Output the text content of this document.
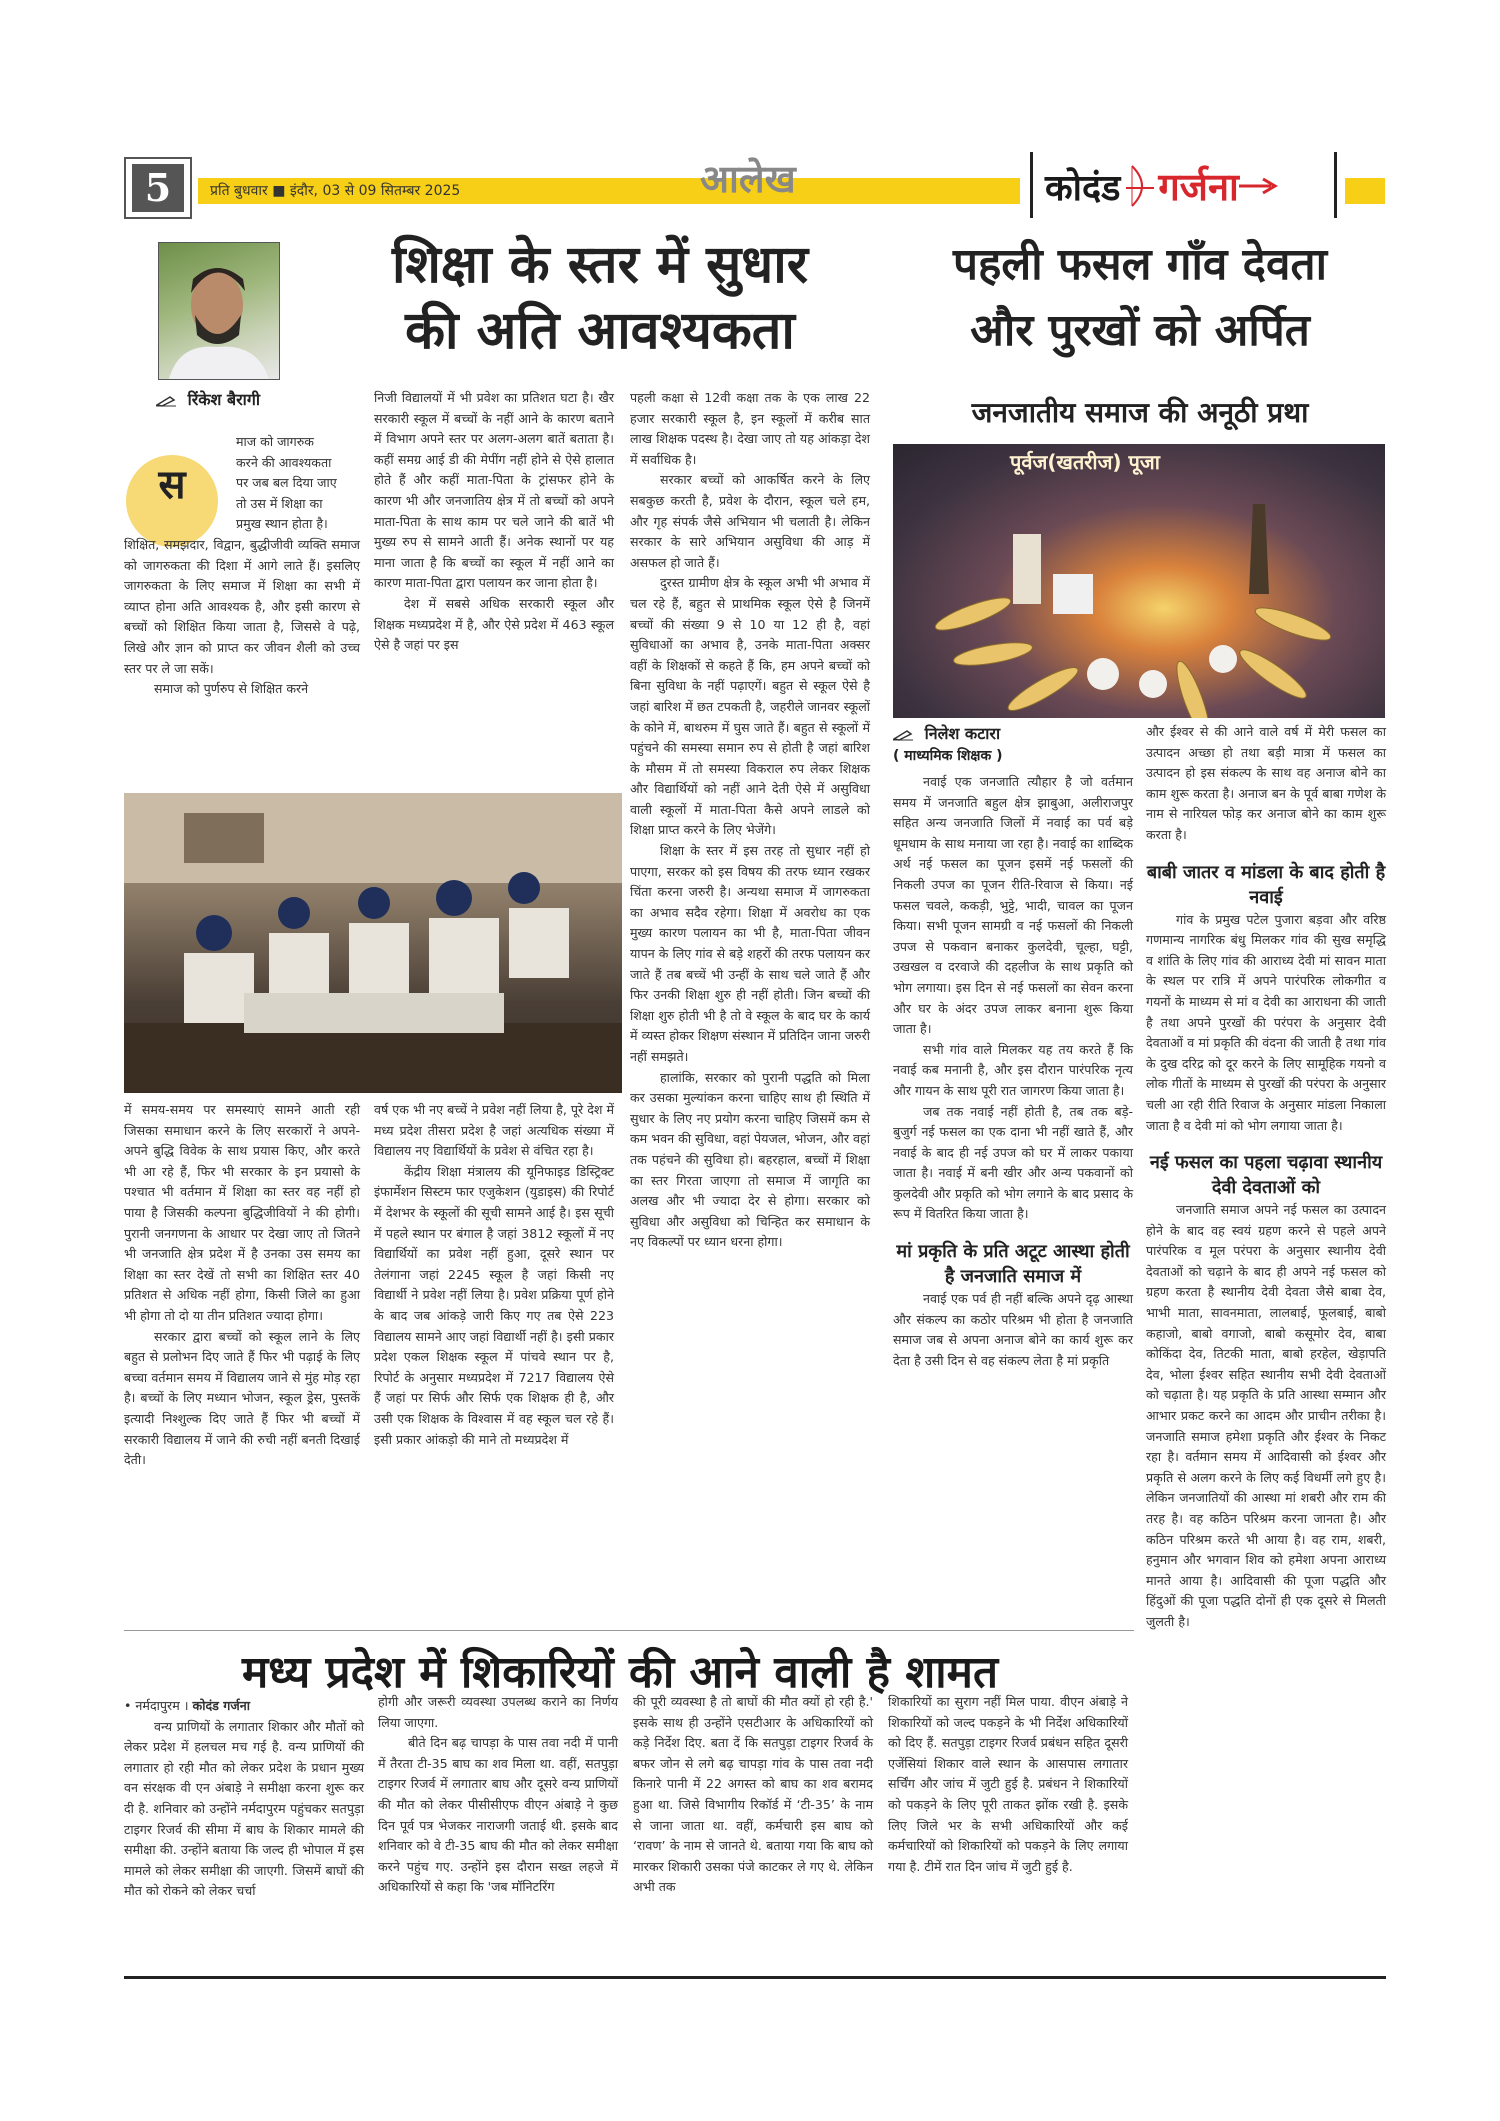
5	प्रति बुधवार ■ इंदौर, 03 से 09 सितम्बर 2025	आलेख	कोदंड गर्जना
शिक्षा के स्तर में सुधार
की अति आवश्यकता
रिंकेश बैरागी
स
माज को जागरुक
करने की आवश्यकता
पर जब बल दिया जाए
तो उस में शिक्षा का
प्रमुख स्थान होता है।

शिक्षित, समझदार, विद्वान, बुद्धीजीवी व्यक्ति समाज को जागरुकता की दिशा में आगे लाते हैं। इसलिए जागरुकता के लिए समाज में शिक्षा का सभी में व्याप्त होना अति आवश्यक है, और इसी कारण से बच्चों को शिक्षित किया जाता है, जिससे वे पढ़े, लिखे और ज्ञान को प्राप्त कर जीवन शैली को उच्च स्तर पर ले जा सकें।

समाज को पुर्णरुप से शिक्षित करने

निजी विद्यालयों में भी प्रवेश का प्रतिशत घटा है। खैर सरकारी स्कूल में बच्चों के नहीं आने के कारण बताने में विभाग अपने स्तर पर अलग-अलग बातें बताता है। कहीं समग्र आई डी की मेपींग नहीं होने से ऐसे हालात होते हैं और कहीं माता-पिता के ट्रांसफर होने के कारण भी और जनजातिय क्षेत्र में तो बच्चों को अपने माता-पिता के साथ काम पर चले जाने की बातें भी मुख्य रुप से सामने आती हैं। अनेक स्थानों पर यह माना जाता है कि बच्चों का स्कूल में नहीं आने का कारण माता-पिता द्वारा पलायन कर जाना होता है।

देश में सबसे अधिक सरकारी स्कूल और शिक्षक मध्यप्रदेश में है, और ऐसे प्रदेश में 463 स्कूल ऐसे है जहां पर इस

में समय-समय पर समस्याएं सामने आती रही जिसका समाधान करने के लिए सरकारों ने अपने-अपने बुद्धि विवेक के साथ प्रयास किए, और करते भी आ रहे हैं, फिर भी सरकार के इन प्रयासो के पश्चात भी वर्तमान में शिक्षा का स्तर वह नहीं हो पाया है जिसकी कल्पना बुद्धिजीवियों ने की होगी। पुरानी जनगणना के आधार पर देखा जाए तो जितने भी जनजाति क्षेत्र प्रदेश में है उनका उस समय का शिक्षा का स्तर देखें तो सभी का शिक्षित स्तर 40 प्रतिशत से अधिक नहीं होगा, किसी जिले का हुआ भी होगा तो दो या तीन प्रतिशत ज्यादा होगा।

सरकार द्वारा बच्चों को स्कूल लाने के लिए बहुत से प्रलोभन दिए जाते हैं फिर भी पढ़ाई के लिए बच्चा वर्तमान समय में विद्यालय जाने से मुंह मोड़ रहा है। बच्चों के लिए मध्यान भोजन, स्कूल ड्रेस, पुस्तकें इत्यादी निश्शुल्क दिए जाते हैं फिर भी बच्चों में सरकारी विद्यालय में जाने की रुची नहीं बनती दिखाई देती।

वर्ष एक भी नए बच्चें ने प्रवेश नहीं लिया है, पूरे देश में मध्य प्रदेश तीसरा प्रदेश है जहां अत्यधिक संख्या में विद्यालय नए विद्यार्थियों के प्रवेश से वंचित रहा है।

केंद्रीय शिक्षा मंत्रालय की यूनिफाइड डिस्ट्रिक्ट इंफार्मेशन सिस्टम फार एजुकेशन (युडाइस) की रिपोर्ट में देशभर के स्कूलों की सूची सामने आई है। इस सूची में पहले स्थान पर बंगाल है जहां 3812 स्कूलों में नए विद्यार्थियों का प्रवेश नहीं हुआ, दूसरे स्थान पर तेलंगाना जहां 2245 स्कूल है जहां किसी नए विद्यार्थी ने प्रवेश नहीं लिया है। प्रवेश प्रक्रिया पूर्ण होने के बाद जब आंकड़े जारी किए गए तब ऐसे 223 विद्यालय सामने आए जहां विद्यार्थी नहीं है। इसी प्रकार प्रदेश एकल शिक्षक स्कूल में पांचवे स्थान पर है, रिपोर्ट के अनुसार मध्यप्रदेश में 7217 विद्यालय ऐसे हैं जहां पर सिर्फ और सिर्फ एक शिक्षक ही है, और उसी एक शिक्षक के विश्वास में वह स्कूल चल रहे हैं। इसी प्रकार आंकड़ो की माने तो मध्यप्रदेश में

पहली कक्षा से 12वी कक्षा तक के एक लाख 22 हजार सरकारी स्कूल है, इन स्कूलों में करीब सात लाख शिक्षक पदस्थ है। देखा जाए तो यह आंकड़ा देश में सर्वाधिक है।

सरकार बच्चों को आकर्षित करने के लिए सबकुछ करती है, प्रवेश के दौरान, स्कूल चले हम, और गृह संपर्क जैसे अभियान भी चलाती है। लेकिन सरकार के सारे अभियान असुविधा की आड़ में असफल हो जाते हैं।

दुरस्त ग्रामीण क्षेत्र के स्कूल अभी भी अभाव में चल रहे हैं, बहुत से प्राथमिक स्कूल ऐसे है जिनमें बच्चों की संख्या 9 से 10 या 12 ही है, वहां सुविधाओं का अभाव है, उनके माता-पिता अक्सर वहीं के शिक्षकों से कहते हैं कि, हम अपने बच्चों को बिना सुविधा के नहीं पढ़ाएगें। बहुत से स्कूल ऐसे है जहां बारिश में छत टपकती है, जहरीले जानवर स्कूलों के कोने में, बाथरुम में घुस जाते हैं। बहुत से स्कूलों में पहुंचने की समस्या समान रुप से होती है जहां बारिश के मौसम में तो समस्या विकराल रुप लेकर शिक्षक और विद्यार्थियों को नहीं आने देती ऐसे में असुविधा वाली स्कूलों में माता-पिता कैसे अपने लाडले को शिक्षा प्राप्त करने के लिए भेजेंगे।

शिक्षा के स्तर में इस तरह तो सुधार नहीं हो पाएगा, सरकर को इस विषय की तरफ ध्यान रखकर चिंता करना जरुरी है। अन्यथा समाज में जागरुकता का अभाव सदैव रहेगा। शिक्षा में अवरोध का एक मुख्य कारण पलायन का भी है, माता-पिता जीवन यापन के लिए गांव से बड़े शहरों की तरफ पलायन कर जाते हैं तब बच्चें भी उन्हीं के साथ चले जाते हैं और फिर उनकी शिक्षा शुरु ही नहीं होती। जिन बच्चों की शिक्षा शुरु होती भी है तो वे स्कूल के बाद घर के कार्य में व्यस्त होकर शिक्षण संस्थान में प्रतिदिन जाना जरुरी नहीं समझते।

हालांकि, सरकार को पुरानी पद्धति को मिला कर उसका मुल्यांकन करना चाहिए साथ ही स्थिति में सुधार के लिए नए प्रयोग करना चाहिए जिसमें कम से कम भवन की सुविधा, वहां पेयजल, भोजन, और वहां तक पहंचने की सुविधा हो। बहरहाल, बच्चों में शिक्षा का स्तर गिरता जाएगा तो समाज में जागृति का अलख और भी ज्यादा देर से होगा। सरकार को सुविधा और असुविधा को चिन्हित कर समाधान के नए विकल्पों पर ध्यान धरना होगा।

पहली फसल गाँव देवता
और पुरखों को अर्पित
जनजातीय समाज की अनूठी प्रथा
पूर्वज(खतरीज) पूजा
निलेश कटारा
( माध्यमिक शिक्षक )

नवाई एक जनजाति त्यौहार है जो वर्तमान समय में जनजाति बहुल क्षेत्र झाबुआ, अलीराजपुर सहित अन्य जनजाति जिलों में नवाई का पर्व बड़े धूमधाम के साथ मनाया जा रहा है। नवाई का शाब्दिक अर्थ नई फसल का पूजन इसमें नई फसलों की निकली उपज का पूजन रीति-रिवाज से किया। नई फसल चवले, ककड़ी, भुट्टे, भादी, चावल का पूजन किया। सभी पूजन सामग्री व नई फसलों की निकली उपज से पकवान बनाकर कुलदेवी, चूल्हा, घट्टी, उखखल व दरवाजे की दहलीज के साथ प्रकृति को भोग लगाया। इस दिन से नई फसलों का सेवन करना और घर के अंदर उपज लाकर बनाना शुरू किया जाता है।

सभी गांव वाले मिलकर यह तय करते हैं कि नवाई कब मनानी है, और इस दौरान पारंपरिक नृत्य और गायन के साथ पूरी रात जागरण किया जाता है।

जब तक नवाई नहीं होती है, तब तक बड़े-बुजुर्ग नई फसल का एक दाना भी नहीं खाते हैं, और नवाई के बाद ही नई उपज को घर में लाकर पकाया जाता है। नवाई में बनी खीर और अन्य पकवानों को कुलदेवी और प्रकृति को भोग लगाने के बाद प्रसाद के रूप में वितरित किया जाता है।

मां प्रकृति के प्रति अटूट आस्था होती है जनजाति समाज में

नवाई एक पर्व ही नहीं बल्कि अपने दृढ़ आस्था और संकल्प का कठोर परिश्रम भी होता है जनजाति समाज जब से अपना अनाज बोने का कार्य शुरू कर देता है उसी दिन से वह संकल्प लेता है मां प्रकृति

और ईश्वर से की आने वाले वर्ष में मेरी फसल का उत्पादन अच्छा हो तथा बड़ी मात्रा में फसल का उत्पादन हो इस संकल्प के साथ वह अनाज बोने का काम शुरू करता है। अनाज बन के पूर्व बाबा गणेश के नाम से नारियल फोड़ कर अनाज बोने का काम शुरू करता है।

बाबी जातर व मांडला के बाद होती है नवाई

गांव के प्रमुख पटेल पुजारा बड़वा और वरिष्ठ गणमान्य नागरिक बंधु मिलकर गांव की सुख समृद्धि व शांति के लिए गांव की आराध्य देवी मां सावन माता के स्थल पर रात्रि में अपने पारंपरिक लोकगीत व गयनों के माध्यम से मां व देवी का आराधना की जाती है तथा अपने पुरखों की परंपरा के अनुसार देवी देवताओं व मां प्रकृति की वंदना की जाती है तथा गांव के दुख दरिद्र को दूर करने के लिए सामूहिक गयनो व लोक गीतों के माध्यम से पुरखों की परंपरा के अनुसार चली आ रही रीति रिवाज के अनुसार मांडला निकाला जाता है व देवी मां को भोग लगाया जाता है।

नई फसल का पहला चढ़ावा स्थानीय देवी देवताओं को

जनजाति समाज अपने नई फसल का उत्पादन होने के बाद वह स्वयं ग्रहण करने से पहले अपने पारंपरिक व मूल परंपरा के अनुसार स्थानीय देवी देवताओं को चढ़ाने के बाद ही अपने नई फसल को ग्रहण करता है स्थानीय देवी देवता जैसे बाबा देव, भाभी माता, सावनमाता, लालबाई, फूलबाई, बाबो कहाजो, बाबो वगाजो, बाबो कसूमोर देव, बाबा कोकिंदा देव, तिटकी माता, बाबो हरहेल, खेड़ापति देव, भोला ईश्वर सहित स्थानीय सभी देवी देवताओं को चढ़ाता है। यह प्रकृति के प्रति आस्था सम्मान और आभार प्रकट करने का आदम और प्राचीन तरीका है। जनजाति समाज हमेशा प्रकृति और ईश्वर के निकट रहा है। वर्तमान समय में आदिवासी को ईश्वर और प्रकृति से अलग करने के लिए कई विधर्मी लगे हुए है। लेकिन जनजातियों की आस्था मां शबरी और राम की तरह है। वह कठिन परिश्रम करना जानता है। और कठिन परिश्रम करते भी आया है। वह राम, शबरी, हनुमान और भगवान शिव को हमेशा अपना आराध्य मानते आया है। आदिवासी की पूजा पद्धति और हिंदुओं की पूजा पद्धति दोनों ही एक दूसरे से मिलती जुलती है।

मध्य प्रदेश में शिकारियों की आने वाली है शामत
• नर्मदापुरम । कोदंड गर्जना

वन्य प्राणियों के लगातार शिकार और मौतों को लेकर प्रदेश में हलचल मच गई है. वन्य प्राणियों की लगातार हो रही मौत को लेकर प्रदेश के प्रधान मुख्य वन संरक्षक वी एन अंबाड़े ने समीक्षा करना शुरू कर दी है. शनिवार को उन्होंने नर्मदापुरम पहुंचकर सतपुड़ा टाइगर रिजर्व की सीमा में बाघ के शिकार मामले की समीक्षा की. उन्होंने बताया कि जल्द ही भोपाल में इस मामले को लेकर समीक्षा की जाएगी. जिसमें बाघों की मौत को रोकने को लेकर चर्चा

होगी और जरूरी व्यवस्था उपलब्ध कराने का निर्णय लिया जाएगा.

बीते दिन बढ़ चापड़ा के पास तवा नदी में पानी में तैरता टी-35 बाघ का शव मिला था. वहीं, सतपुड़ा टाइगर रिजर्व में लगातार बाघ और दूसरे वन्य प्राणियों की मौत को लेकर पीसीसीएफ वीएन अंबाड़े ने कुछ दिन पूर्व पत्र भेजकर नाराजगी जताई थी. इसके बाद शनिवार को वे टी-35 बाघ की मौत को लेकर समीक्षा करने पहुंच गए. उन्होंने इस दौरान सख्त लहजे में अधिकारियों से कहा कि 'जब मॉनिटरिंग

की पूरी व्यवस्था है तो बाघों की मौत क्यों हो रही है.' इसके साथ ही उन्होंने एसटीआर के अधिकारियों को कड़े निर्देश दिए. बता दें कि सतपुड़ा टाइगर रिजर्व के बफर जोन से लगे बढ़ चापड़ा गांव के पास तवा नदी किनारे पानी में 22 अगस्त को बाघ का शव बरामद हुआ था. जिसे विभागीय रिकॉर्ड में ‘टी-35’ के नाम से जाना जाता था. वहीं, कर्मचारी इस बाघ को ‘रावण’ के नाम से जानते थे. बताया गया कि बाघ को मारकर शिकारी उसका पंजे काटकर ले गए थे. लेकिन अभी तक

शिकारियों का सुराग नहीं मिल पाया. वीएन अंबाड़े ने शिकारियों को जल्द पकड़ने के भी निर्देश अधिकारियों को दिए हैं. सतपुड़ा टाइगर रिजर्व प्रबंधन सहित दूसरी एजेंसियां शिकार वाले स्थान के आसपास लगातार सर्चिंग और जांच में जुटी हुई है. प्रबंधन ने शिकारियों को पकड़ने के लिए पूरी ताकत झोंक रखी है. इसके लिए जिले भर के सभी अधिकारियों और कई कर्मचारियों को शिकारियों को पकड़ने के लिए लगाया गया है. टीमें रात दिन जांच में जुटी हुई है.
